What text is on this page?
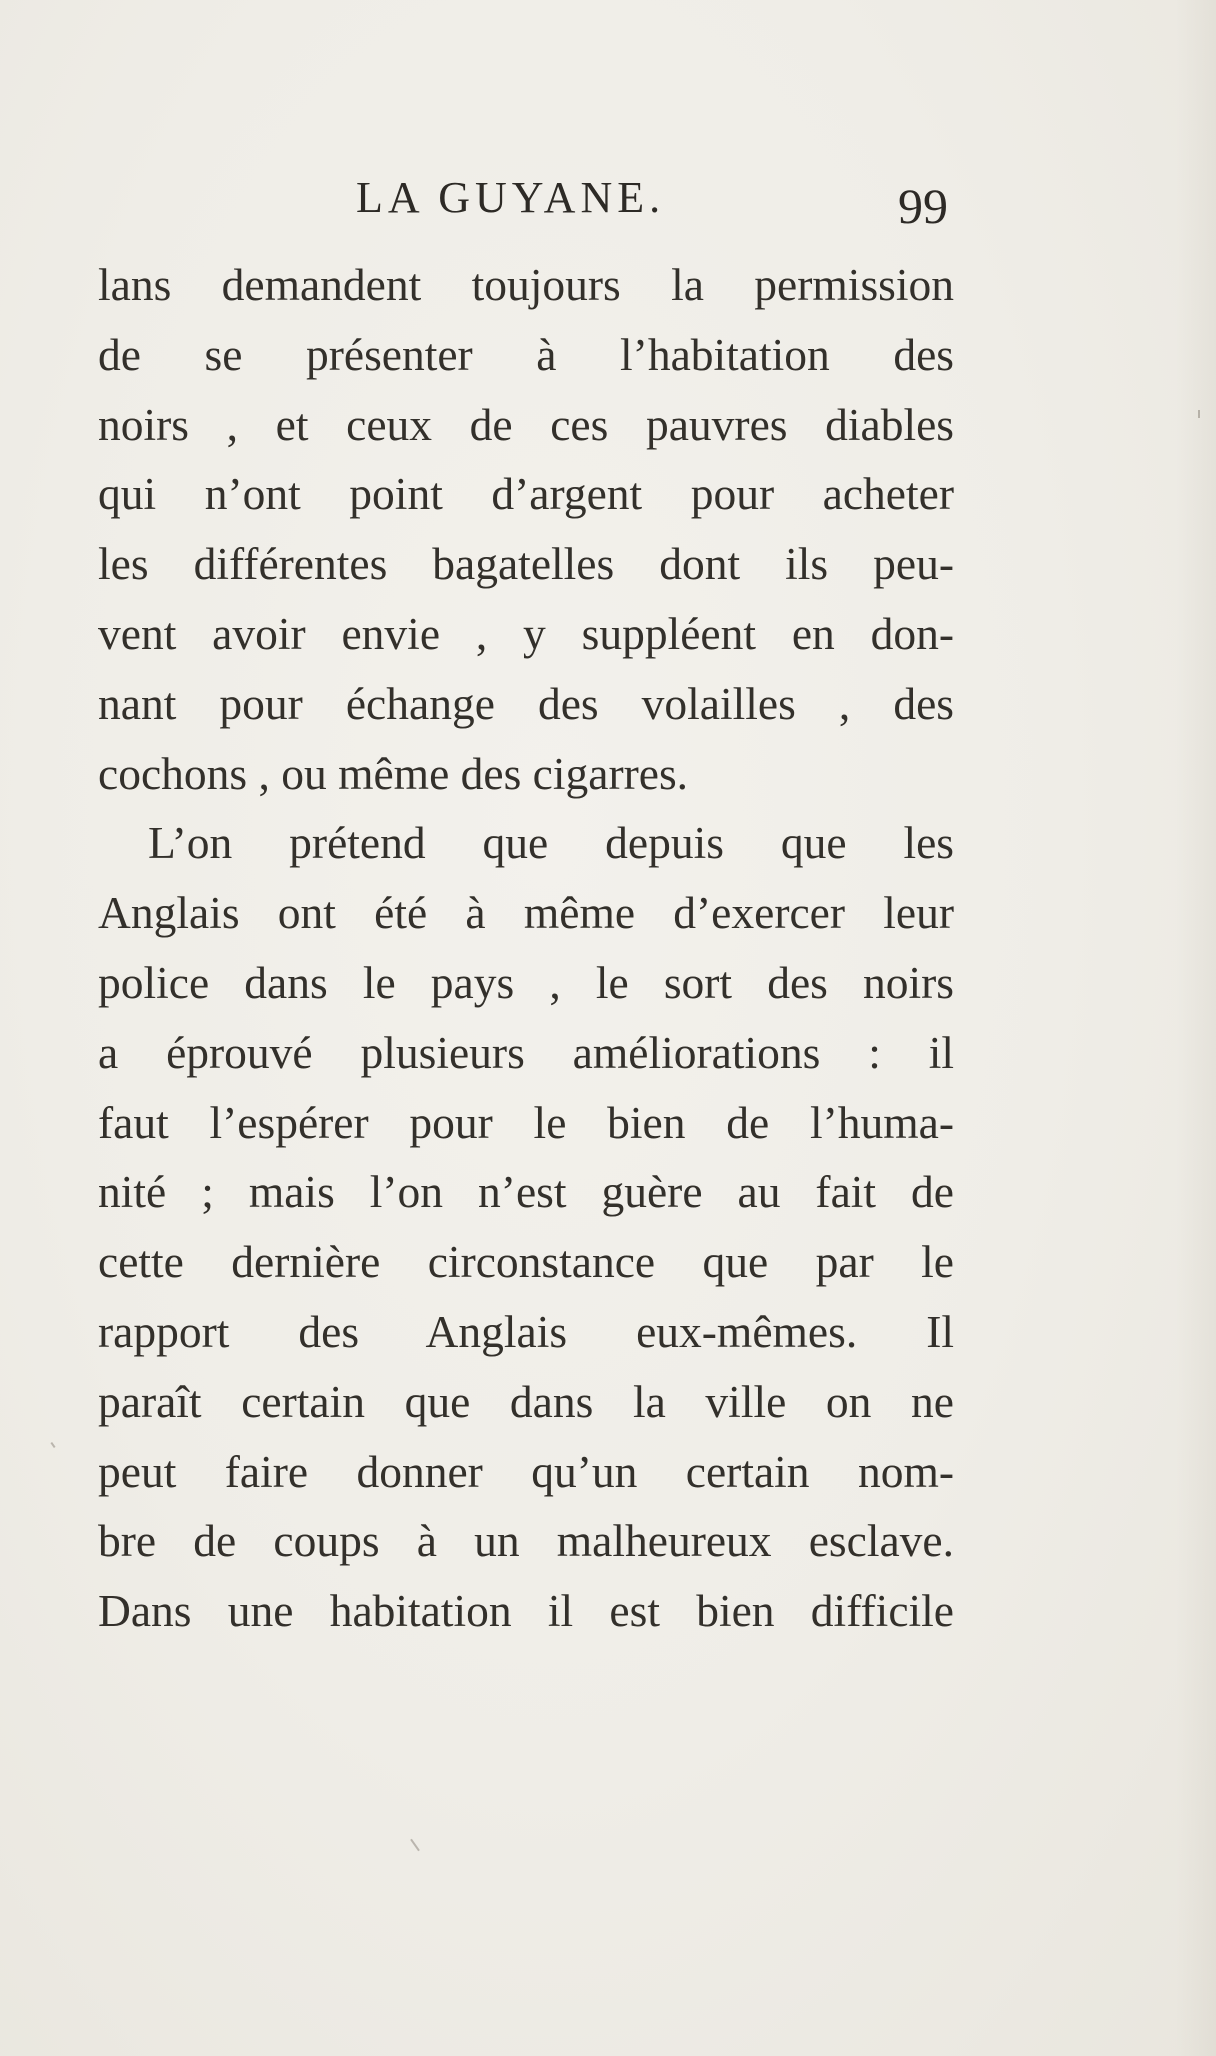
LA GUYANE.	99
lans demandent toujours la permission
de se présenter à l’habitation des
noirs , et ceux de ces pauvres diables
qui n’ont point d’argent pour acheter
les différentes bagatelles dont ils peu-
vent avoir envie , y suppléent en don-
nant pour échange des volailles , des
cochons , ou même des cigarres.
L’on prétend que depuis que les
Anglais ont été à même d’exercer leur
police dans le pays , le sort des noirs
a éprouvé plusieurs améliorations : il
faut l’espérer pour le bien de l’huma-
nité ; mais l’on n’est guère au fait de
cette dernière circonstance que par le
rapport des Anglais eux-mêmes. Il
paraît certain que dans la ville on ne
peut faire donner qu’un certain nom-
bre de coups à un malheureux esclave.
Dans une habitation il est bien difficile
